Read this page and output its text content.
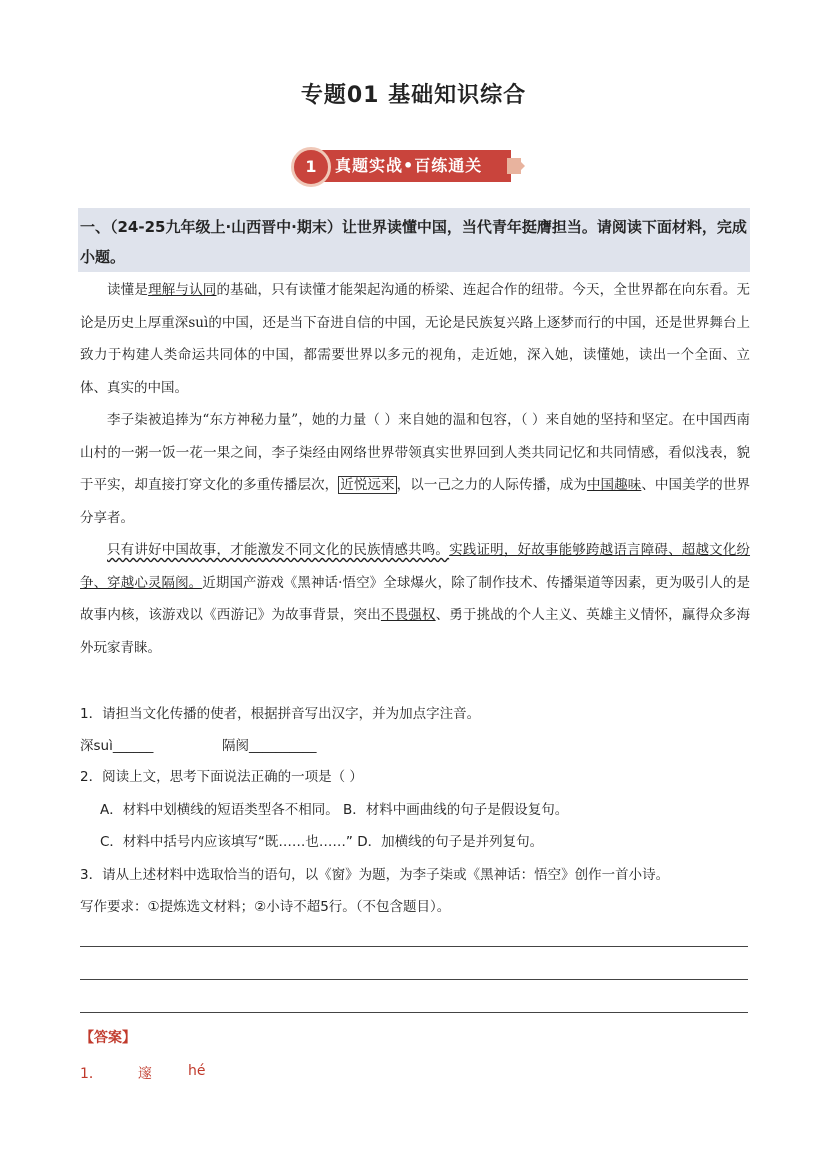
专题01 基础知识综合
1	真题实战•百练通关

一、（24-25九年级上·山西晋中·期末）让世界读懂中国，当代青年挺膺担当。请阅读下面材料，完成小题。

读懂是理解与认同的基础，只有读懂才能架起沟通的桥梁、连起合作的纽带。今天，全世界都在向东看。无论是历史上厚重深suì的中国，还是当下奋进自信的中国，无论是民族复兴路上逐梦而行的中国，还是世界舞台上致力于构建人类命运共同体的中国，都需要世界以多元的视角，走近她，深入她，读懂她，读出一个全面、立体、真实的中国。

李子柒被追捧为“东方神秘力量”，她的力量（ ）来自她的温和包容，（ ）来自她的坚持和坚定。在中国西南山村的一粥一饭一花一果之间，李子柒经由网络世界带领真实世界回到人类共同记忆和共同情感，看似浅表，貌于平实，却直接打穿文化的多重传播层次， 近悦远来 ，以一己之力的人际传播，成为中国趣味、中国美学的世界分享者。

只有讲好中国故事，才能激发不同文化的民族情感共鸣。实践证明，好故事能够跨越语言障碍、超越文化纷争、穿越心灵隔阂。近期国产游戏《黑神话·悟空》全球爆火，除了制作技术、传播渠道等因素，更为吸引人的是故事内核，该游戏以《西游记》为故事背景，突出不畏强权、勇于挑战的个人主义、英雄主义情怀，赢得众多海外玩家青睐。

1．请担当文化传播的使者，根据拼音写出汉字，并为加点字注音。

深suì______	隔阂__________

2．阅读上文，思考下面说法正确的一项是（ ）

A．材料中划横线的短语类型各不相同。 B．材料中画曲线的句子是假设复句。

C．材料中括号内应该填写“既……也……” D．加横线的句子是并列复句。

3．请从上述材料中选取恰当的语句，以《窗》为题，为李子柒或《黑神话：悟空》创作一首小诗。

写作要求：①提炼选文材料；②小诗不超5行。（不包含题目）。

【答案】
1．	邃	hé
